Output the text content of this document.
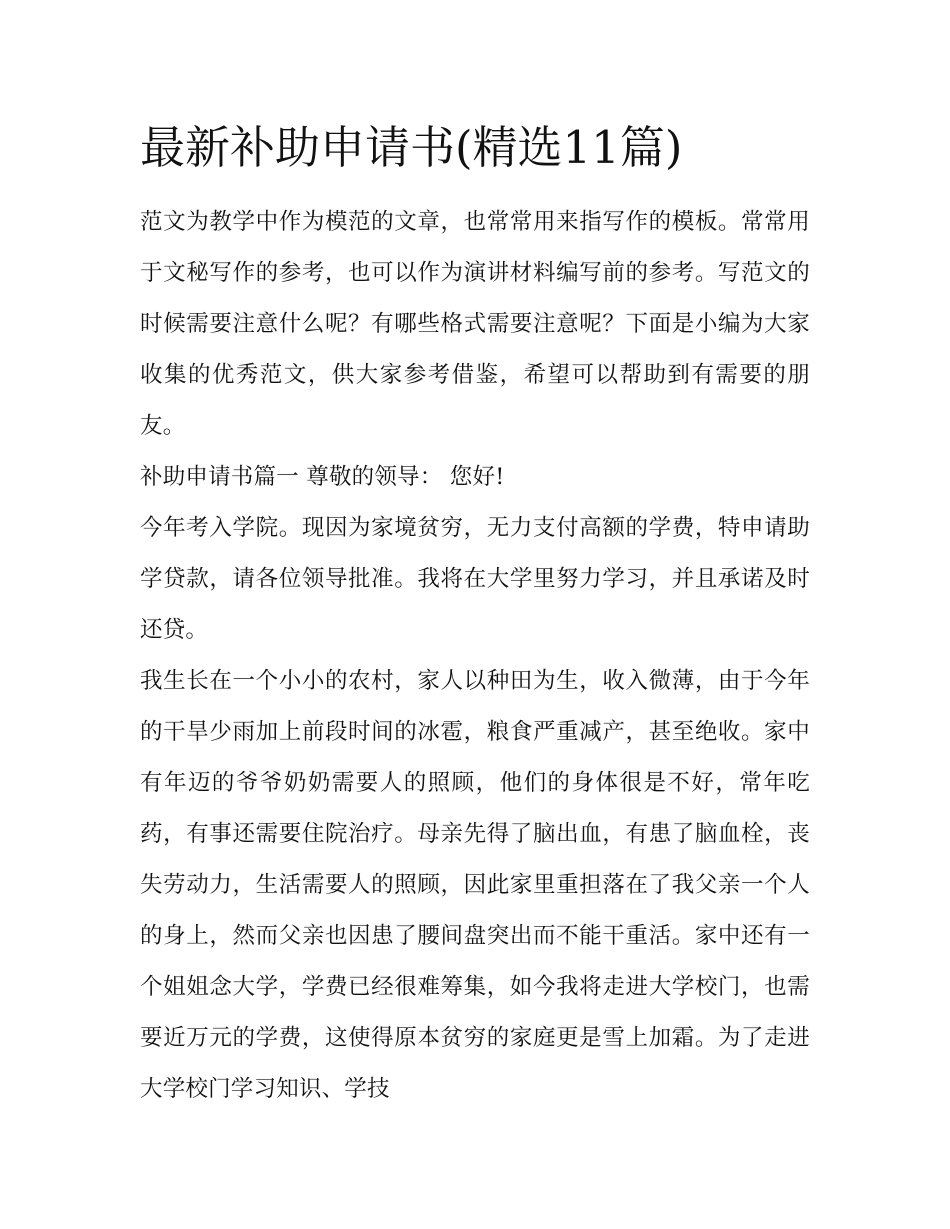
最新补助申请书(精选11篇)

范文为教学中作为模范的文章，也常常用来指写作的模板。常常用于文秘写作的参考，也可以作为演讲材料编写前的参考。写范文的时候需要注意什么呢？有哪些格式需要注意呢？下面是小编为大家收集的优秀范文，供大家参考借鉴，希望可以帮助到有需要的朋友。

补助申请书篇一 尊敬的领导： 您好!

今年考入学院。现因为家境贫穷，无力支付高额的学费，特申请助学贷款，请各位领导批准。我将在大学里努力学习，并且承诺及时还贷。

我生长在一个小小的农村，家人以种田为生，收入微薄，由于今年的干旱少雨加上前段时间的冰雹，粮食严重减产，甚至绝收。家中有年迈的爷爷奶奶需要人的照顾，他们的身体很是不好，常年吃药，有事还需要住院治疗。母亲先得了脑出血，有患了脑血栓，丧失劳动力，生活需要人的照顾，因此家里重担落在了我父亲一个人的身上，然而父亲也因患了腰间盘突出而不能干重活。家中还有一个姐姐念大学，学费已经很难筹集，如今我将走进大学校门，也需要近万元的学费，这使得原本贫穷的家庭更是雪上加霜。为了走进大学校门学习知识、学技
